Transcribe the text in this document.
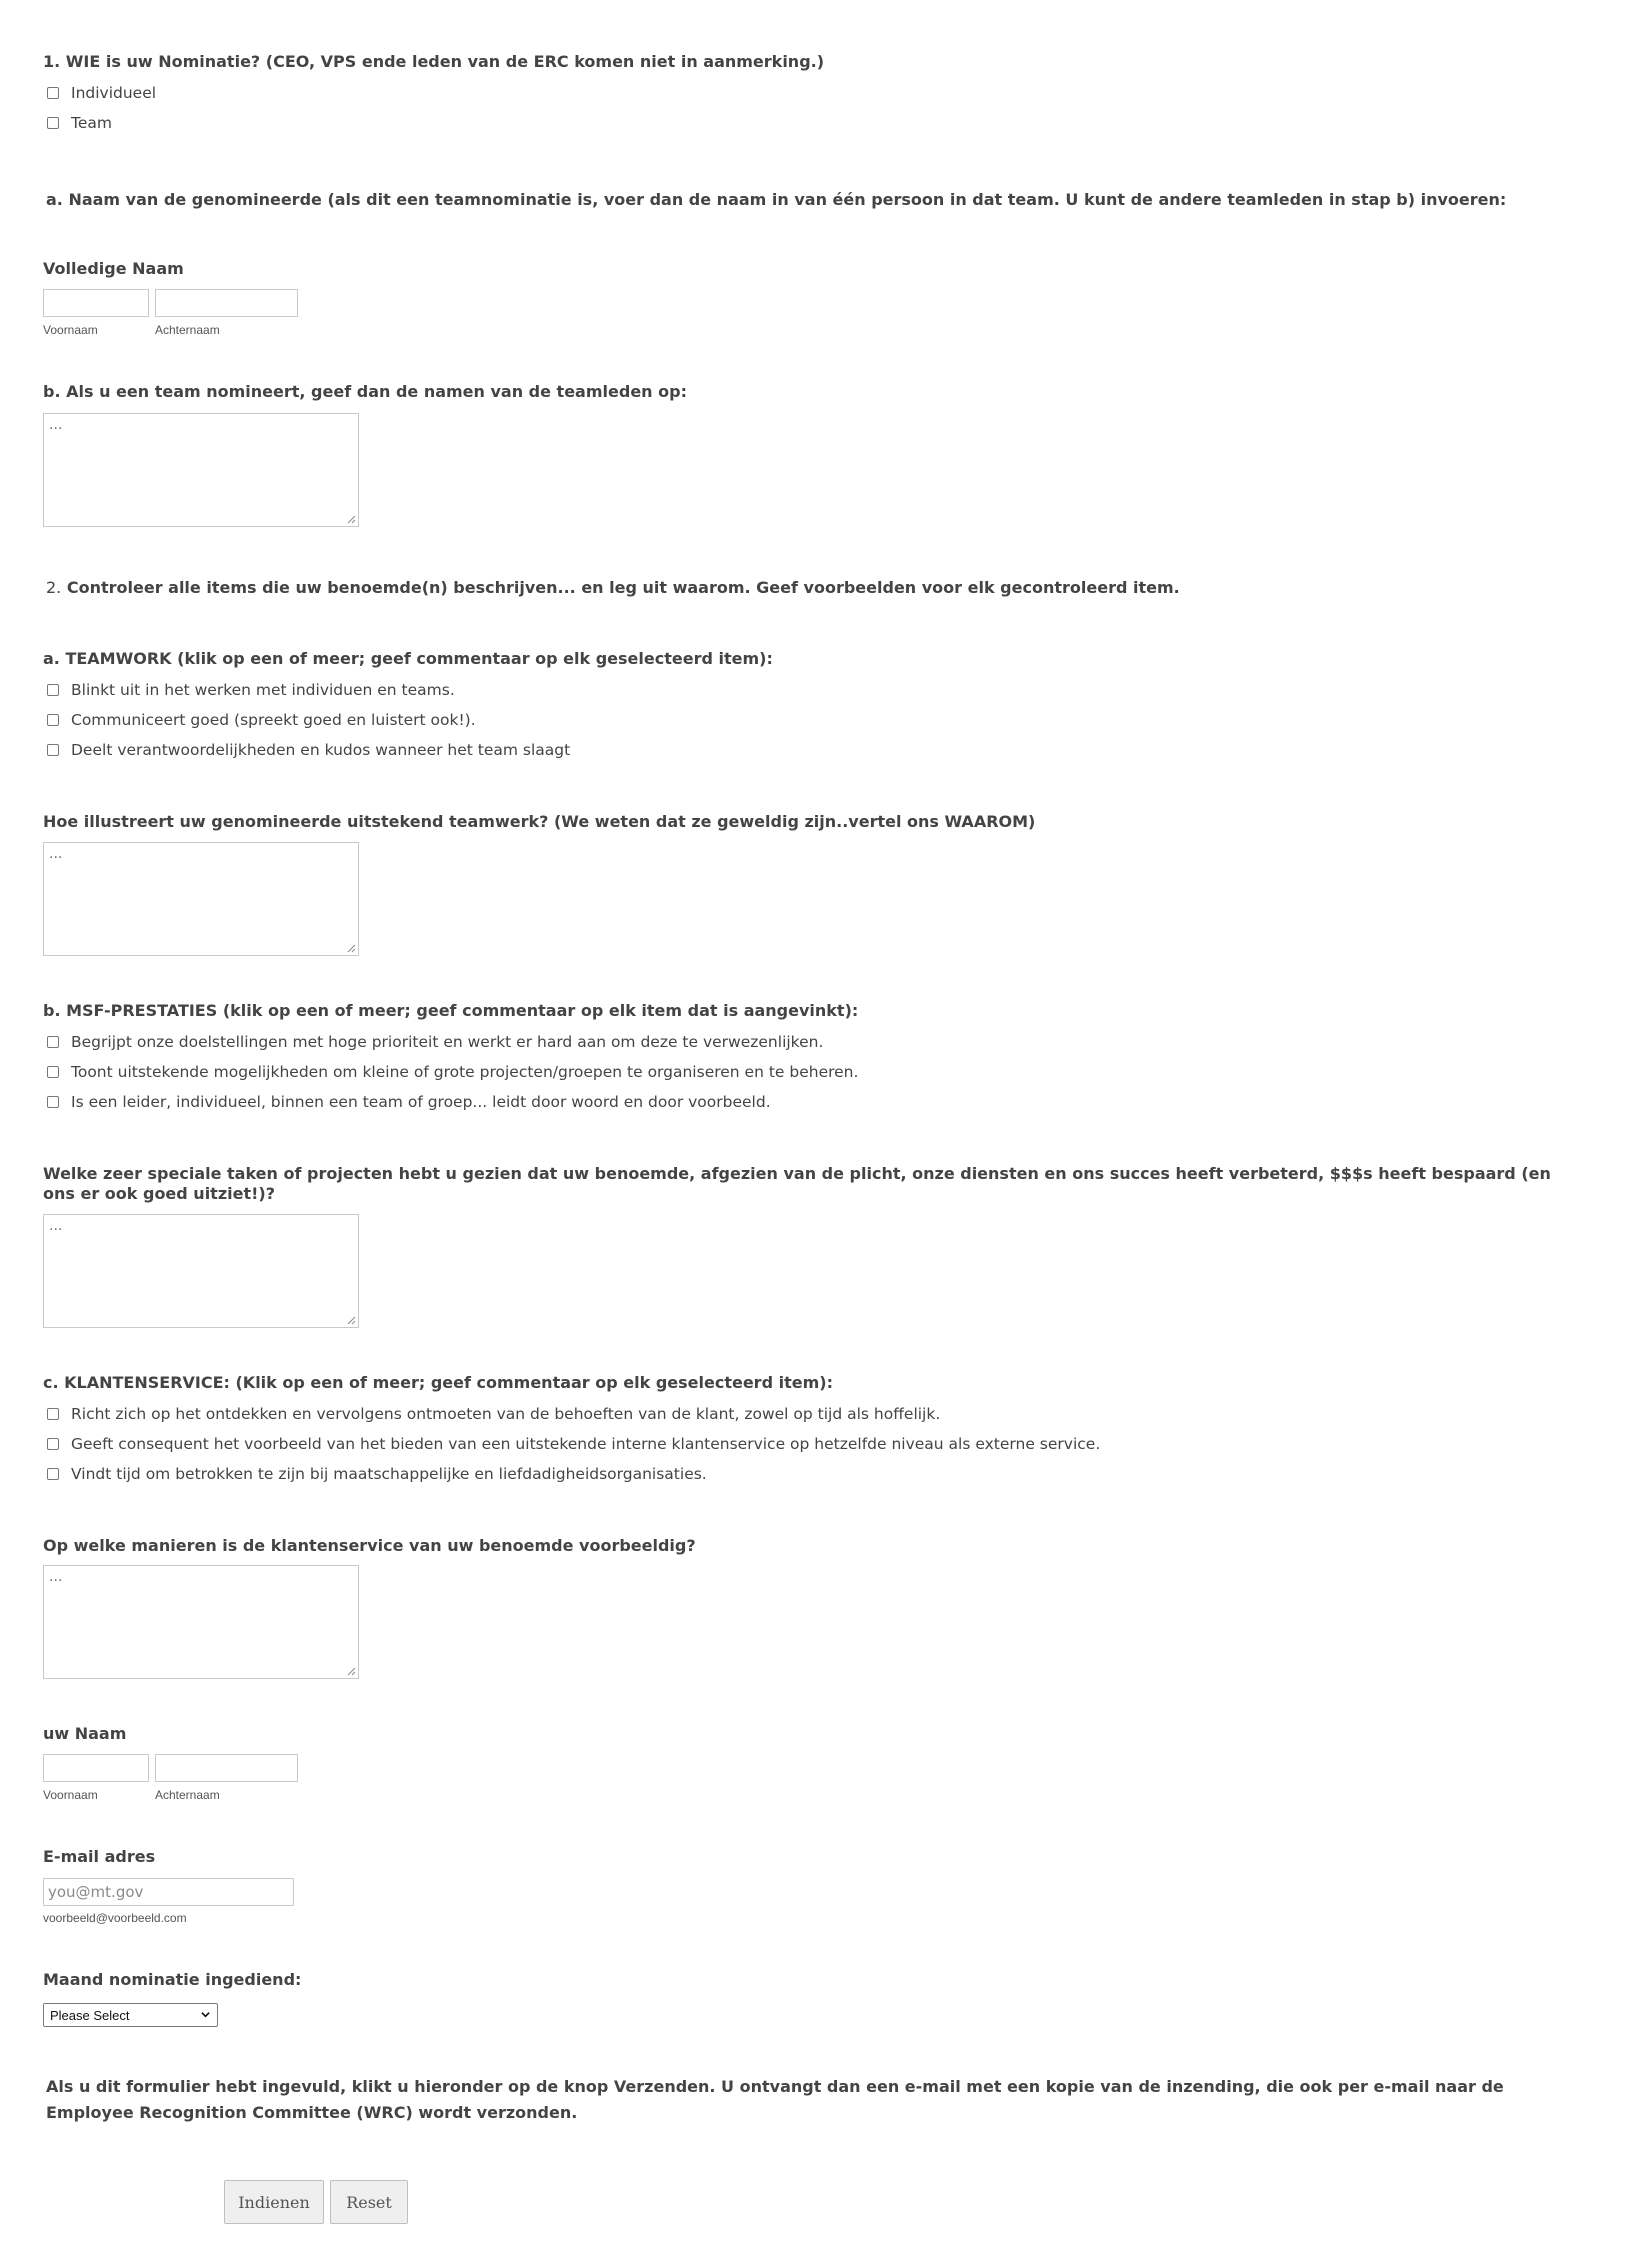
1. WIE is uw Nominatie? (CEO, VPS ende leden van de ERC komen niet in aanmerking.)
Individueel
Team
a. Naam van de genomineerde (als dit een teamnominatie is, voer dan de naam in van één persoon in dat team. U kunt de andere teamleden in stap b) invoeren:
Volledige Naam
Voornaam	Achternaam
b. Als u een team nomineert, geef dan de namen van de teamleden op:
...
2. Controleer alle items die uw benoemde(n) beschrijven... en leg uit waarom. Geef voorbeelden voor elk gecontroleerd item.
a. TEAMWORK (klik op een of meer; geef commentaar op elk geselecteerd item):
Blinkt uit in het werken met individuen en teams.
Communiceert goed (spreekt goed en luistert ook!).
Deelt verantwoordelijkheden en kudos wanneer het team slaagt
Hoe illustreert uw genomineerde uitstekend teamwerk? (We weten dat ze geweldig zijn..vertel ons WAAROM)
...
b. MSF-PRESTATIES (klik op een of meer; geef commentaar op elk item dat is aangevinkt):
Begrijpt onze doelstellingen met hoge prioriteit en werkt er hard aan om deze te verwezenlijken.
Toont uitstekende mogelijkheden om kleine of grote projecten/groepen te organiseren en te beheren.
Is een leider, individueel, binnen een team of groep... leidt door woord en door voorbeeld.
Welke zeer speciale taken of projecten hebt u gezien dat uw benoemde, afgezien van de plicht, onze diensten en ons succes heeft verbeterd, $$$s heeft bespaard (en ons er ook goed uitziet!)?
...
c. KLANTENSERVICE: (Klik op een of meer; geef commentaar op elk geselecteerd item):
Richt zich op het ontdekken en vervolgens ontmoeten van de behoeften van de klant, zowel op tijd als hoffelijk.
Geeft consequent het voorbeeld van het bieden van een uitstekende interne klantenservice op hetzelfde niveau als externe service.
Vindt tijd om betrokken te zijn bij maatschappelijke en liefdadigheidsorganisaties.
Op welke manieren is de klantenservice van uw benoemde voorbeeldig?
...
uw Naam
Voornaam	Achternaam
E-mail adres
you@mt.gov
voorbeeld@voorbeeld.com
Maand nominatie ingediend:
Please Select
Als u dit formulier hebt ingevuld, klikt u hieronder op de knop Verzenden. U ontvangt dan een e-mail met een kopie van de inzending, die ook per e-mail naar de Employee Recognition Committee (WRC) wordt verzonden.
Indienen	Reset
